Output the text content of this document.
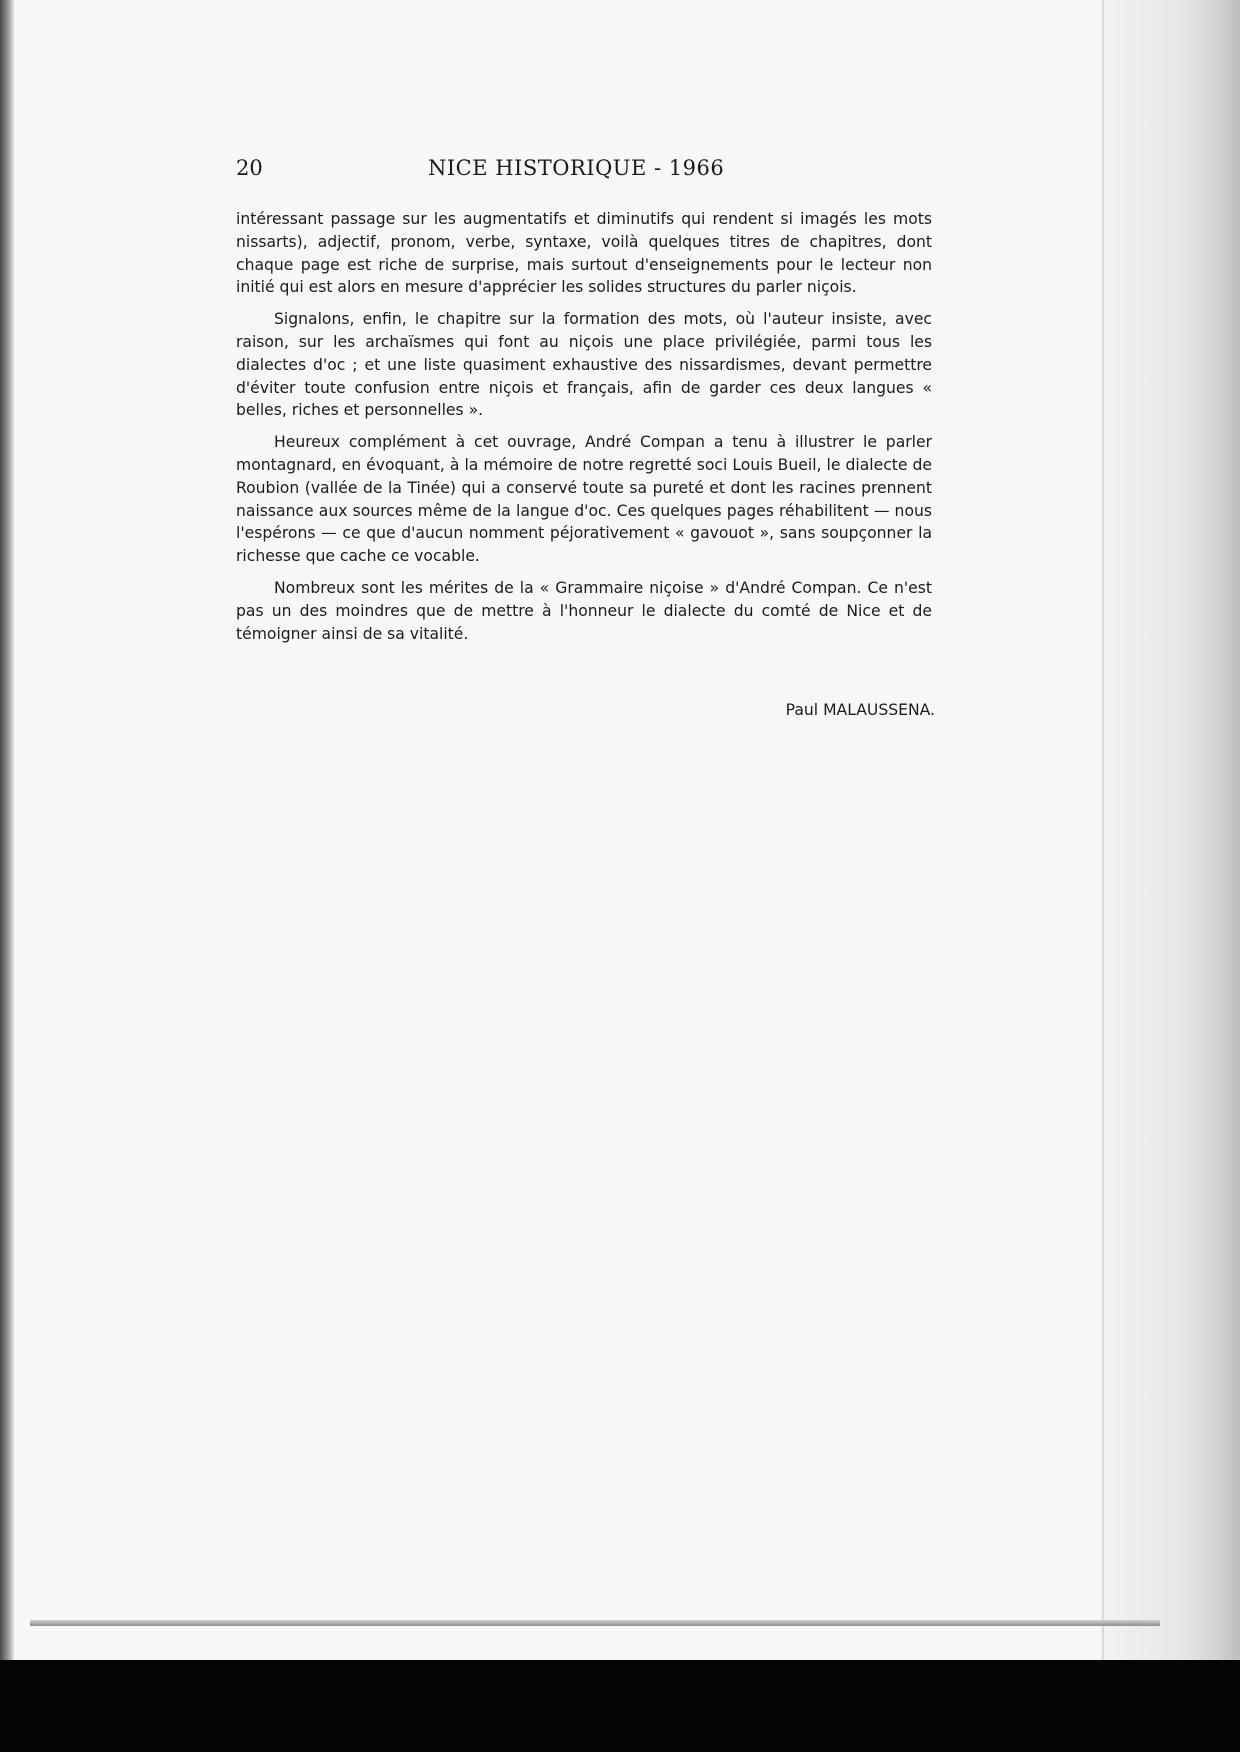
20	NICE HISTORIQUE - 1966

intéressant passage sur les augmentatifs et diminutifs qui rendent si imagés les mots nissarts), adjectif, pronom, verbe, syntaxe, voilà quelques titres de chapitres, dont chaque page est riche de surprise, mais surtout d'enseignements pour le lecteur non initié qui est alors en mesure d'apprécier les solides structures du parler niçois.

Signalons, enfin, le chapitre sur la formation des mots, où l'auteur insiste, avec raison, sur les archaïsmes qui font au niçois une place privilégiée, parmi tous les dialectes d'oc ; et une liste quasiment exhaustive des nissardismes, devant permettre d'éviter toute confusion entre niçois et français, afin de garder ces deux langues « belles, riches et personnelles ».

Heureux complément à cet ouvrage, André Compan a tenu à illustrer le parler montagnard, en évoquant, à la mémoire de notre regretté soci Louis Bueil, le dialecte de Roubion (vallée de la Tinée) qui a conservé toute sa pureté et dont les racines prennent naissance aux sources même de la langue d'oc. Ces quelques pages réhabilitent — nous l'espérons — ce que d'aucun nomment péjorativement « gavouot », sans soupçonner la richesse que cache ce vocable.

Nombreux sont les mérites de la « Grammaire niçoise » d'André Compan. Ce n'est pas un des moindres que de mettre à l'honneur le dialecte du comté de Nice et de témoigner ainsi de sa vitalité.

Paul MALAUSSENA.
